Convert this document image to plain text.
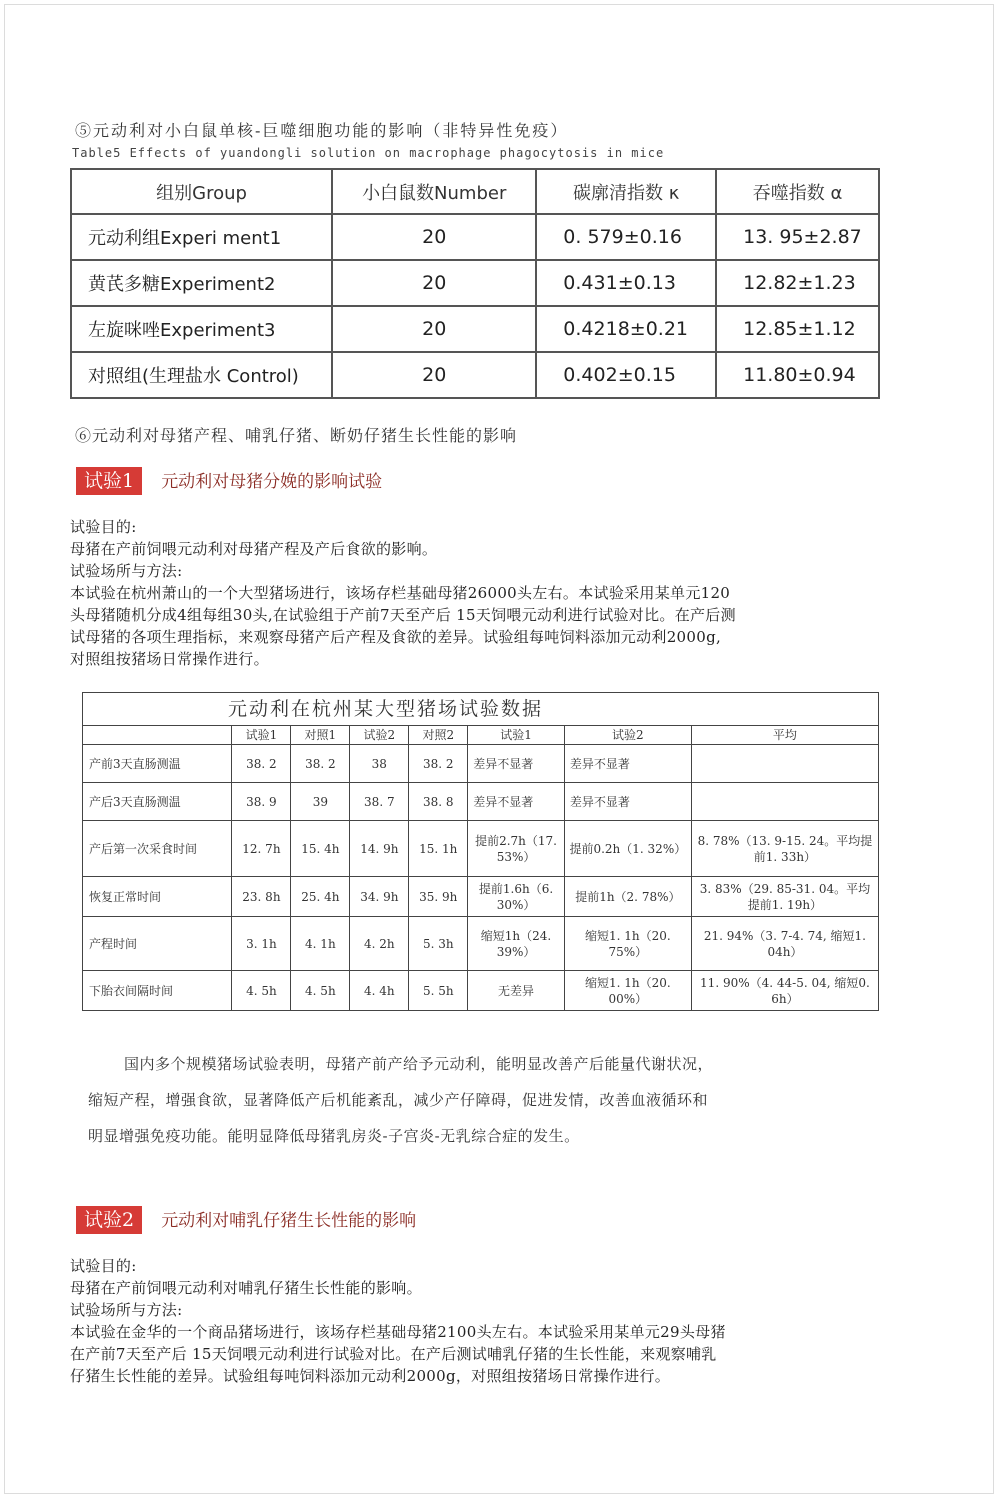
⑤元动利对小白鼠单核-巨噬细胞功能的影响（非特异性免疫）
Table5 Effects of yuandongli solution on macrophage phagocytosis in mice
组别Group	小白鼠数Number	碳廓清指数 κ	吞噬指数 α
元动利组Experi ment1	20	0. 579±0.16	13. 95±2.87
黄芪多糖Experiment2	20	0.431±0.13	12.82±1.23
左旋咪唑Experiment3	20	0.4218±0.21	12.85±1.12
对照组(生理盐水 Control)	20	0.402±0.15	11.80±0.94
⑥元动利对母猪产程、哺乳仔猪、断奶仔猪生长性能的影响
试验1 元动利对母猪分娩的影响试验
试验目的:
母猪在产前饲喂元动利对母猪产程及产后食欲的影响。
试验场所与方法:
本试验在杭州萧山的一个大型猪场进行，该场存栏基础母猪26000头左右。本试验采用某单元120
头母猪随机分成4组每组30头,在试验组于产前7天至产后 15天饲喂元动利进行试验对比。在产后测
试母猪的各项生理指标，来观察母猪产后产程及食欲的差异。试验组每吨饲料添加元动利2000g,
对照组按猪场日常操作进行。
元动利在杭州某大型猪场试验数据							
	试验1	对照1	试验2	对照2	试验1	试验2	平均
产前3天直肠测温	38. 2	38. 2	38	38. 2	差异不显著	差异不显著	
产后3天直肠测温	38. 9	39	38. 7	38. 8	差异不显著	差异不显著	
产后第一次采食时间	12. 7h	15. 4h	14. 9h	15. 1h	提前2.7h（17. 53%）	提前0.2h（1. 32%）	8. 78%（13. 9-15. 24。平均提前1. 33h）
恢复正常时间	23. 8h	25. 4h	34. 9h	35. 9h	提前1.6h（6. 30%）	提前1h（2. 78%）	3. 83%（29. 85-31. 04。平均提前1. 19h）
产程时间	3. 1h	4. 1h	4. 2h	5. 3h	缩短1h（24. 39%）	缩短1. 1h（20. 75%）	21. 94%（3. 7-4. 74, 缩短1. 04h）
下胎衣间隔时间	4. 5h	4. 5h	4. 4h	5. 5h	无差异	缩短1. 1h（20. 00%）	11. 90%（4. 44-5. 04, 缩短0. 6h）
国内多个规模猪场试验表明，母猪产前产给予元动利，能明显改善产后能量代谢状况，
缩短产程，增强食欲，显著降低产后机能紊乱，减少产仔障碍，促进发情，改善血液循环和
明显增强免疫功能。能明显降低母猪乳房炎-子宫炎-无乳综合症的发生。
试验2 元动利对哺乳仔猪生长性能的影响
试验目的:
母猪在产前饲喂元动利对哺乳仔猪生长性能的影响。
试验场所与方法:
本试验在金华的一个商品猪场进行，该场存栏基础母猪2100头左右。本试验采用某单元29头母猪
在产前7天至产后 15天饲喂元动利进行试验对比。在产后测试哺乳仔猪的生长性能，来观察哺乳
仔猪生长性能的差异。试验组每吨饲料添加元动利2000g，对照组按猪场日常操作进行。
